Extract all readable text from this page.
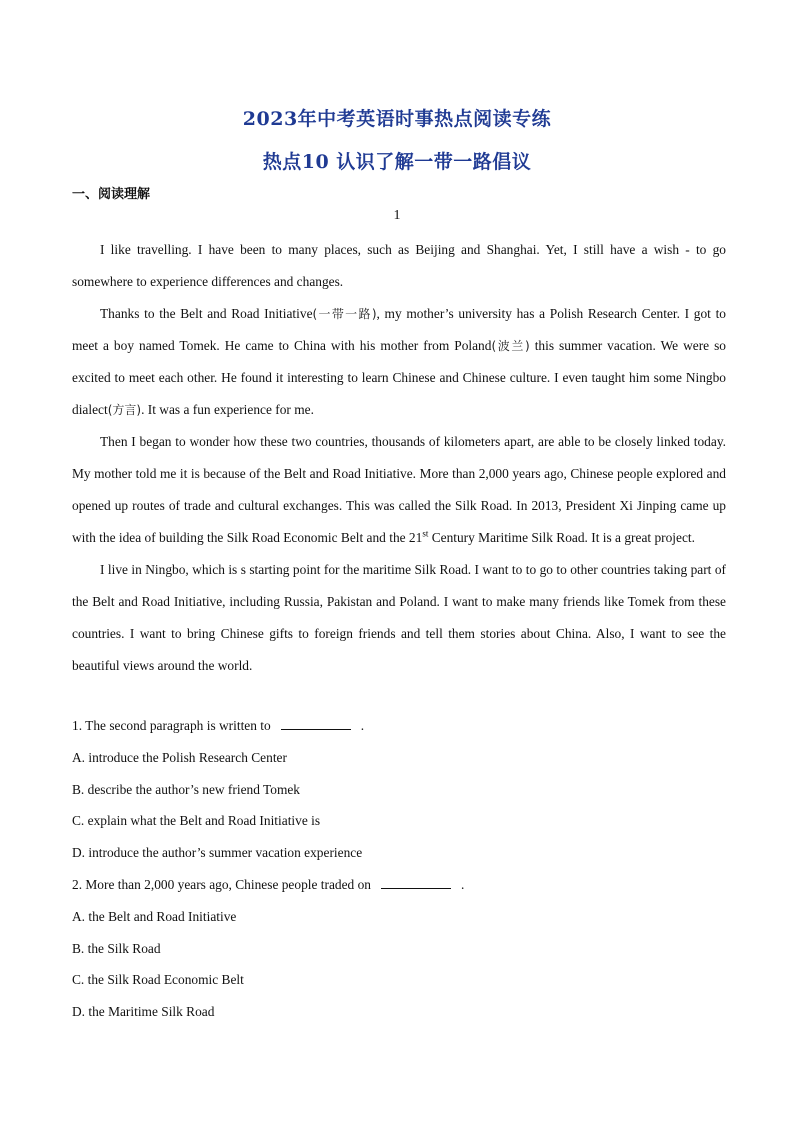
2023年中考英语时事热点阅读专练
热点10 认识了解一带一路倡议
一、阅读理解
1

I like travelling. I have been to many places, such as Beijing and Shanghai. Yet, I still have a wish - to go somewhere to experience differences and changes.

Thanks to the Belt and Road Initiative(一带一路), my mother’s university has a Polish Research Center. I got to meet a boy named Tomek. He came to China with his mother from Poland(波兰) this summer vacation. We were so excited to meet each other. He found it interesting to learn Chinese and Chinese culture. I even taught him some Ningbo dialect(方言). It was a fun experience for me.

Then I began to wonder how these two countries, thousands of kilometers apart, are able to be closely linked today. My mother told me it is because of the Belt and Road Initiative. More than 2,000 years ago, Chinese people explored and opened up routes of trade and cultural exchanges. This was called the Silk Road. In 2013, President Xi Jinping came up with the idea of building the Silk Road Economic Belt and the 21st Century Maritime Silk Road. It is a great project.

I live in Ningbo, which is s starting point for the maritime Silk Road. I want to to go to other countries taking part of the Belt and Road Initiative, including Russia, Pakistan and Poland. I want to make many friends like Tomek from these countries. I want to bring Chinese gifts to foreign friends and tell them stories about China. Also, I want to see the beautiful views around the world.

1. The second paragraph is written to	.
A. introduce the Polish Research Center
B. describe the author’s new friend Tomek
C. explain what the Belt and Road Initiative is
D. introduce the author’s summer vacation experience
2. More than 2,000 years ago, Chinese people traded on	.
A. the Belt and Road Initiative
B. the Silk Road
C. the Silk Road Economic Belt
D. the Maritime Silk Road
